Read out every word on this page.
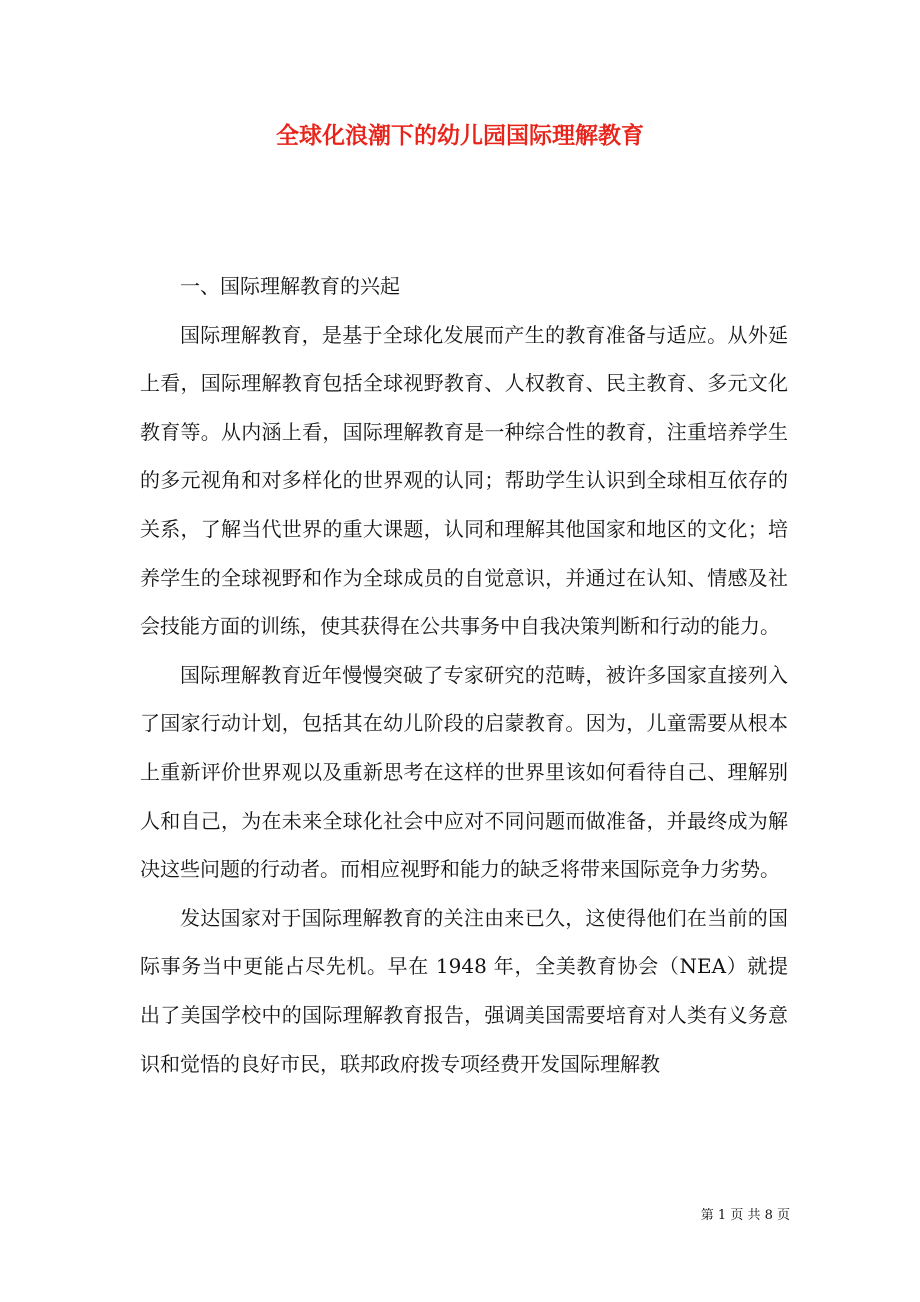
全球化浪潮下的幼儿园国际理解教育

一、国际理解教育的兴起

国际理解教育，是基于全球化发展而产生的教育准备与适应。从外延上看，国际理解教育包括全球视野教育、人权教育、民主教育、多元文化教育等。从内涵上看，国际理解教育是一种综合性的教育，注重培养学生的多元视角和对多样化的世界观的认同；帮助学生认识到全球相互依存的关系，了解当代世界的重大课题，认同和理解其他国家和地区的文化；培养学生的全球视野和作为全球成员的自觉意识，并通过在认知、情感及社会技能方面的训练，使其获得在公共事务中自我决策判断和行动的能力。

国际理解教育近年慢慢突破了专家研究的范畴，被许多国家直接列入了国家行动计划，包括其在幼儿阶段的启蒙教育。因为，儿童需要从根本上重新评价世界观以及重新思考在这样的世界里该如何看待自己、理解别人和自己，为在未来全球化社会中应对不同问题而做准备，并最终成为解决这些问题的行动者。而相应视野和能力的缺乏将带来国际竞争力劣势。

发达国家对于国际理解教育的关注由来已久，这使得他们在当前的国际事务当中更能占尽先机。早在 1948 年，全美教育协会（NEA）就提出了美国学校中的国际理解教育报告，强调美国需要培育对人类有义务意识和觉悟的良好市民，联邦政府拨专项经费开发国际理解教

第 1 页 共 8 页
